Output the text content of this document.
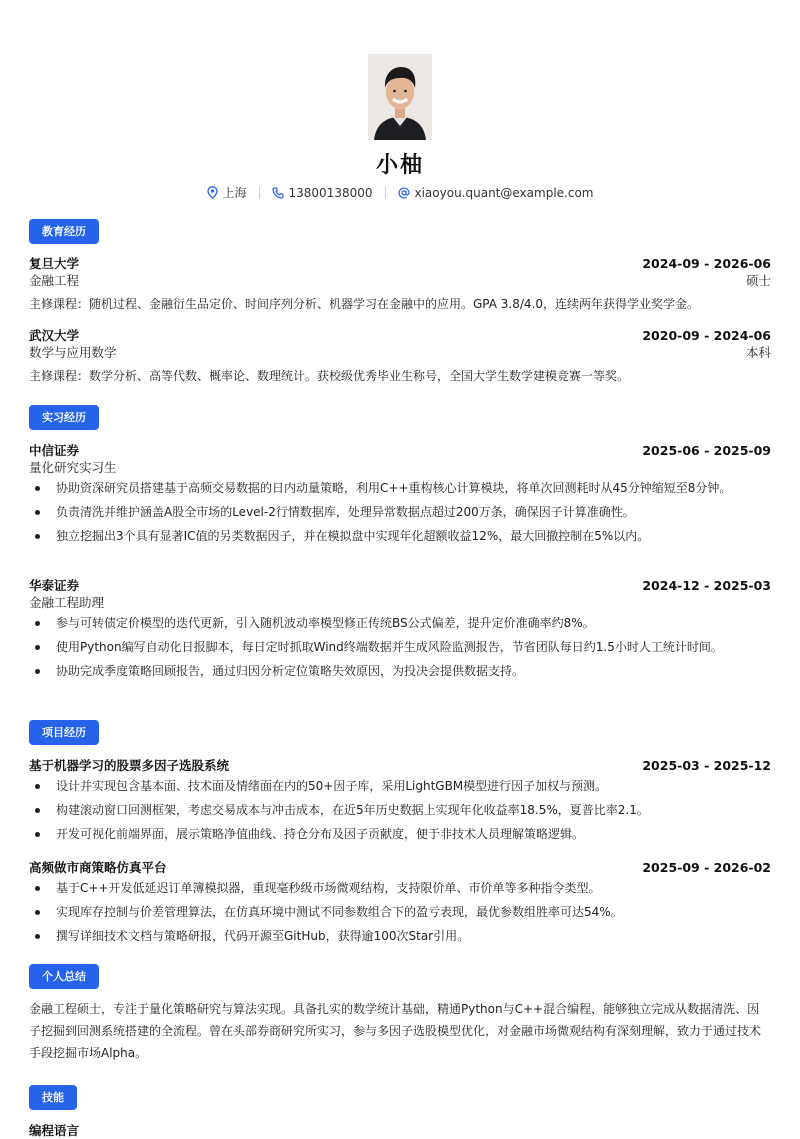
小柚
上海	13800138000	xiaoyou.quant@example.com
教育经历
复旦大学	2024-09 - 2026-06
金融工程	硕士
主修课程：随机过程、金融衍生品定价、时间序列分析、机器学习在金融中的应用。GPA 3.8/4.0，连续两年获得学业奖学金。
武汉大学	2020-09 - 2024-06
数学与应用数学	本科
主修课程：数学分析、高等代数、概率论、数理统计。获校级优秀毕业生称号，全国大学生数学建模竞赛一等奖。
实习经历
中信证券	2025-06 - 2025-09
量化研究实习生
协助资深研究员搭建基于高频交易数据的日内动量策略，利用C++重构核心计算模块，将单次回测耗时从45分钟缩短至8分钟。
负责清洗并维护涵盖A股全市场的Level-2行情数据库，处理异常数据点超过200万条，确保因子计算准确性。
独立挖掘出3个具有显著IC值的另类数据因子，并在模拟盘中实现年化超额收益12%，最大回撤控制在5%以内。
华泰证券	2024-12 - 2025-03
金融工程助理
参与可转债定价模型的迭代更新，引入随机波动率模型修正传统BS公式偏差，提升定价准确率约8%。
使用Python编写自动化日报脚本，每日定时抓取Wind终端数据并生成风险监测报告，节省团队每日约1.5小时人工统计时间。
协助完成季度策略回顾报告，通过归因分析定位策略失效原因，为投决会提供数据支持。
项目经历
基于机器学习的股票多因子选股系统	2025-03 - 2025-12
设计并实现包含基本面、技术面及情绪面在内的50+因子库，采用LightGBM模型进行因子加权与预测。
构建滚动窗口回测框架，考虑交易成本与冲击成本，在近5年历史数据上实现年化收益率18.5%，夏普比率2.1。
开发可视化前端界面，展示策略净值曲线、持仓分布及因子贡献度，便于非技术人员理解策略逻辑。
高频做市商策略仿真平台	2025-09 - 2026-02
基于C++开发低延迟订单簿模拟器，重现毫秒级市场微观结构，支持限价单、市价单等多种指令类型。
实现库存控制与价差管理算法，在仿真环境中测试不同参数组合下的盈亏表现，最优参数组胜率可达54%。
撰写详细技术文档与策略研报，代码开源至GitHub，获得逾100次Star引用。
个人总结
金融工程硕士，专注于量化策略研究与算法实现。具备扎实的数学统计基础，精通Python与C++混合编程，能够独立完成从数据清洗、因子挖掘到回测系统搭建的全流程。曾在头部券商研究所实习，参与多因子选股模型优化，对金融市场微观结构有深刻理解，致力于通过技术手段挖掘市场Alpha。
技能
编程语言
